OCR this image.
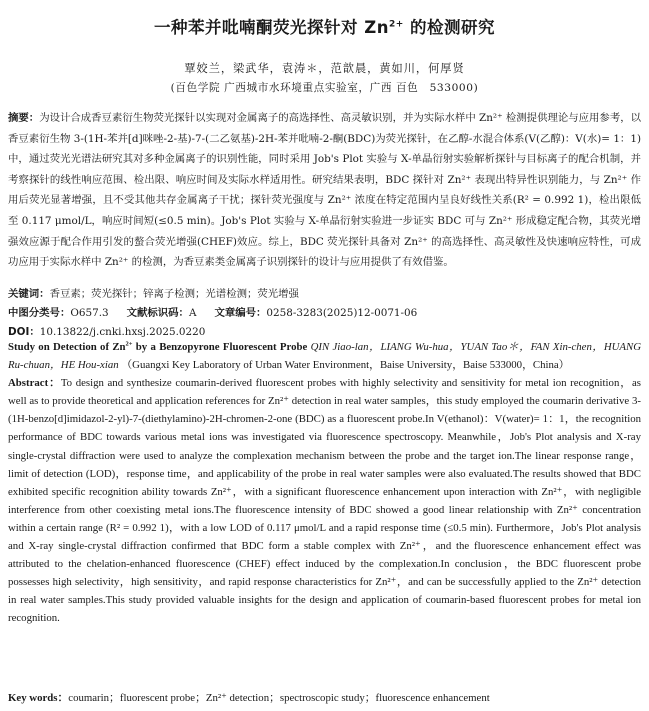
一种苯并吡喃酮荧光探针对 $Zn^{2+}$ 的检测研究
覃姣兰，梁武华，袁涛＊，范歆晨，黄如川，何厚贤
(百色学院 广西城市水环境重点实验室，广西 百色　533000)

摘要：为设计合成香豆素衍生物荧光探针以实现对金属离子的高选择性、高灵敏识别，并为实际水样中 Zn²⁺ 检测提供理论与应用参考，以香豆素衍生物 3-(1H-苯并[d]咪唑-2-基)-7-(二乙氨基)-2H-苯并吡喃-2-酮(BDC)为荧光探针，在乙醇-水混合体系(V(乙醇)：V(水)= 1：1)中，通过荧光光谱法研究其对多种金属离子的识别性能，同时采用 Job's Plot 实验与 X-单晶衍射实验解析探针与目标离子的配合机制，并考察探针的线性响应范围、检出限、响应时间及实际水样适用性。研究结果表明，BDC 探针对 Zn²⁺ 表现出特异性识别能力，与 Zn²⁺ 作用后荧光显著增强，且不受其他共存金属离子干扰；探针荧光强度与 Zn²⁺ 浓度在特定范围内呈良好线性关系(R² = 0.992 1)，检出限低至 0.117 μmol/L，响应时间短(≤0.5 min)。Job's Plot 实验与 X-单晶衍射实验进一步证实 BDC 可与 Zn²⁺ 形成稳定配合物，其荧光增强效应源于配合作用引发的螯合荧光增强(CHEF)效应。综上，BDC 荧光探针具备对 Zn²⁺ 的高选择性、高灵敏性及快速响应特性，可成功应用于实际水样中 Zn²⁺ 的检测，为香豆素类金属离子识别探针的设计与应用提供了有效借鉴。

关键词：香豆素；荧光探针；锌离子检测；光谱检测；荧光增强

中图分类号：O657.3 文献标识码：A 文章编号：0258-3283(2025)12-0071-06

DOI：10.13822/j.cnki.hxsj.2025.0220

Study on Detection of $Zn^{2+}$ by a Benzopyrone Fluorescent Probe QIN Jiao-lan，LIANG Wu-hua，YUAN Tao＊，FAN Xin-chen，HUANG Ru-chuan，HE Hou-xian （Guangxi Key Laboratory of Urban Water Environment，Baise University，Baise 533000，China）

Abstract：To design and synthesize coumarin-derived fluorescent probes with highly selectivity and sensitivity for metal ion recognition，as well as to provide theoretical and application references for Zn²⁺ detection in real water samples，this study employed the coumarin derivative 3-(1H-benzo[d]imidazol-2-yl)-7-(diethylamino)-2H-chromen-2-one (BDC) as a fluorescent probe.In V(ethanol)：V(water)= 1：1，the recognition performance of BDC towards various metal ions was investigated via fluorescence spectroscopy. Meanwhile，Job's Plot analysis and X-ray single-crystal diffraction were used to analyze the complexation mechanism between the probe and the target ion.The linear response range，limit of detection (LOD)，response time，and applicability of the probe in real water samples were also evaluated.The results showed that BDC exhibited specific recognition ability towards Zn²⁺，with a significant fluorescence enhancement upon interaction with Zn²⁺，with negligible interference from other coexisting metal ions.The fluorescence intensity of BDC showed a good linear relationship with Zn²⁺ concentration within a certain range (R² = 0.992 1)，with a low LOD of 0.117 μmol/L and a rapid response time (≤0.5 min). Furthermore，Job's Plot analysis and X-ray single-crystal diffraction confirmed that BDC form a stable complex with Zn²⁺，and the fluorescence enhancement effect was attributed to the chelation-enhanced fluorescence (CHEF) effect induced by the complexation.In conclusion，the BDC fluorescent probe possesses high selectivity，high sensitivity，and rapid response characteristics for Zn²⁺，and can be successfully applied to the Zn²⁺ detection in real water samples.This study provided valuable insights for the design and application of coumarin-based fluorescent probes for metal ion recognition.

Key words：coumarin；fluorescent probe；Zn²⁺ detection；spectroscopic study；fluorescence enhancement
